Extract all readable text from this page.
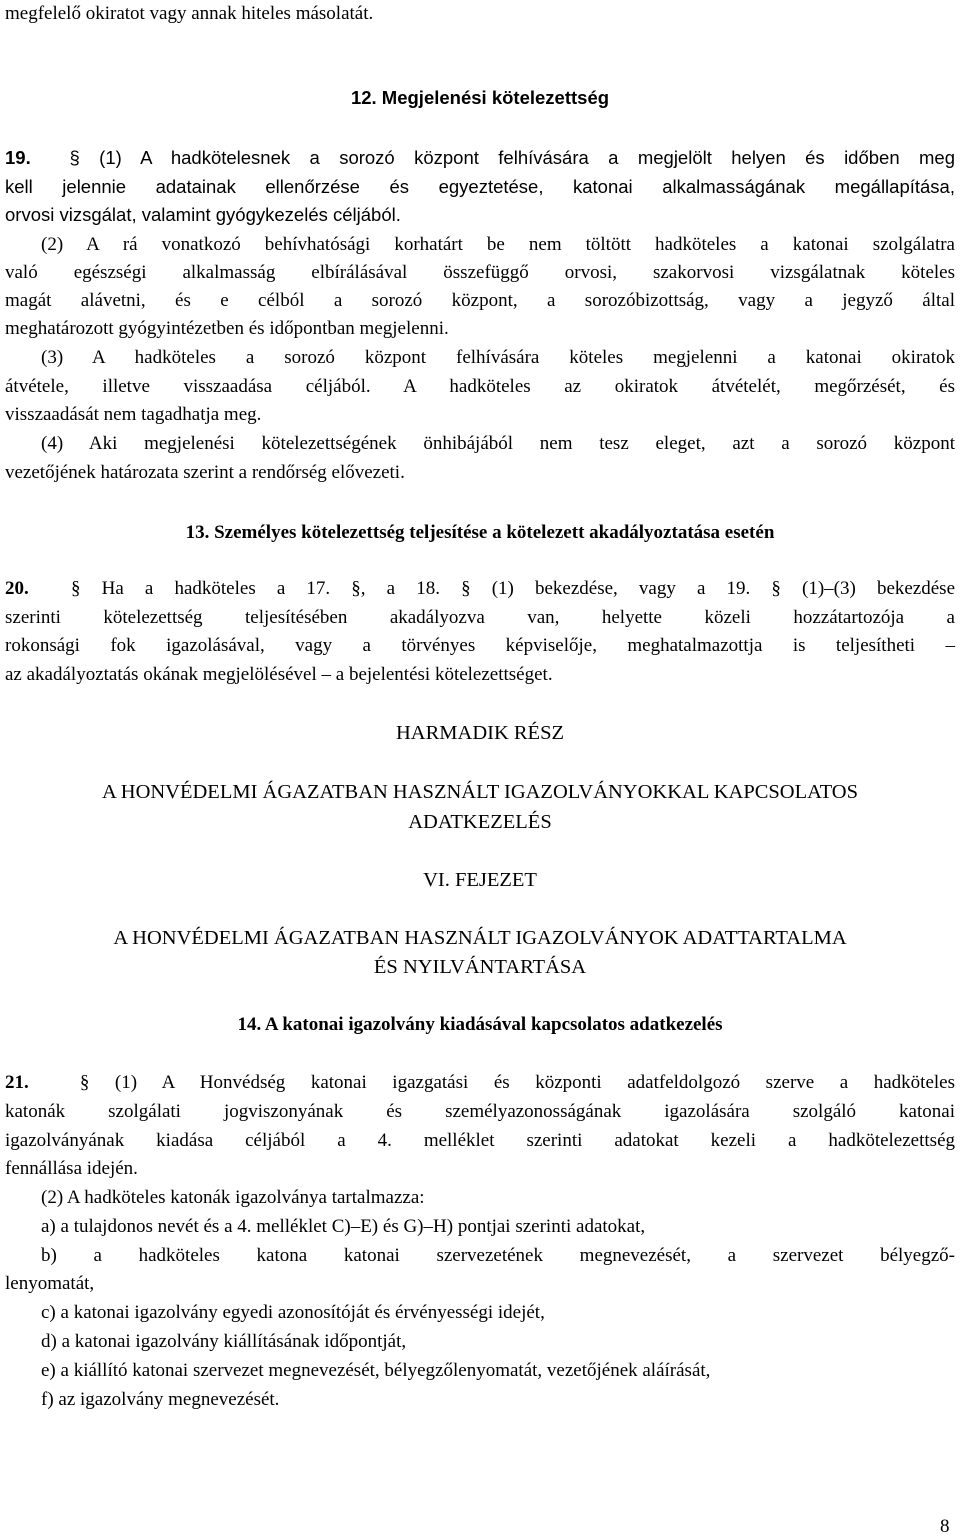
megfelelő okiratot vagy annak hiteles másolatát.
12. Megjelenési kötelezettség
19. § (1) A hadkötelesnek a sorozó központ felhívására a megjelölt helyen és időben meg
kell jelennie adatainak ellenőrzése és egyeztetése, katonai alkalmasságának megállapítása,
orvosi vizsgálat, valamint gyógykezelés céljából.
(2) A rá vonatkozó behívhatósági korhatárt be nem töltött hadköteles a katonai szolgálatra
való egészségi alkalmasság elbírálásával összefüggő orvosi, szakorvosi vizsgálatnak köteles
magát alávetni, és e célból a sorozó központ, a sorozóbizottság, vagy a jegyző által
meghatározott gyógyintézetben és időpontban megjelenni.
(3) A hadköteles a sorozó központ felhívására köteles megjelenni a katonai okiratok
átvétele, illetve visszaadása céljából. A hadköteles az okiratok átvételét, megőrzését, és
visszaadását nem tagadhatja meg.
(4) Aki megjelenési kötelezettségének önhibájából nem tesz eleget, azt a sorozó központ
vezetőjének határozata szerint a rendőrség elővezeti.
13. Személyes kötelezettség teljesítése a kötelezett akadályoztatása esetén
20. § Ha a hadköteles a 17. §, a 18. § (1) bekezdése, vagy a 19. § (1)–(3) bekezdése
szerinti kötelezettség teljesítésében akadályozva van, helyette közeli hozzátartozója a
rokonsági fok igazolásával, vagy a törvényes képviselője, meghatalmazottja is teljesítheti –
az akadályoztatás okának megjelölésével – a bejelentési kötelezettséget.
HARMADIK RÉSZ
A HONVÉDELMI ÁGAZATBAN HASZNÁLT IGAZOLVÁNYOKKAL KAPCSOLATOS
ADATKEZELÉS
VI. FEJEZET
A HONVÉDELMI ÁGAZATBAN HASZNÁLT IGAZOLVÁNYOK ADATTARTALMA
ÉS NYILVÁNTARTÁSA
14. A katonai igazolvány kiadásával kapcsolatos adatkezelés
21.	§ (1) A Honvédség katonai igazgatási és központi adatfeldolgozó szerve a hadköteles
katonák szolgálati jogviszonyának és személyazonosságának igazolására szolgáló katonai
igazolványának kiadása céljából a 4. melléklet szerinti adatokat kezeli a hadkötelezettség
fennállása idején.
(2) A hadköteles katonák igazolványa tartalmazza:
a) a tulajdonos nevét és a 4. melléklet C)–E) és G)–H) pontjai szerinti adatokat,
b) a hadköteles katona katonai szervezetének megnevezését, a szervezet bélyegző-
lenyomatát,
c) a katonai igazolvány egyedi azonosítóját és érvényességi idejét,
d) a katonai igazolvány kiállításának időpontját,
e) a kiállító katonai szervezet megnevezését, bélyegzőlenyomatát, vezetőjének aláírását,
f) az igazolvány megnevezését.
8
